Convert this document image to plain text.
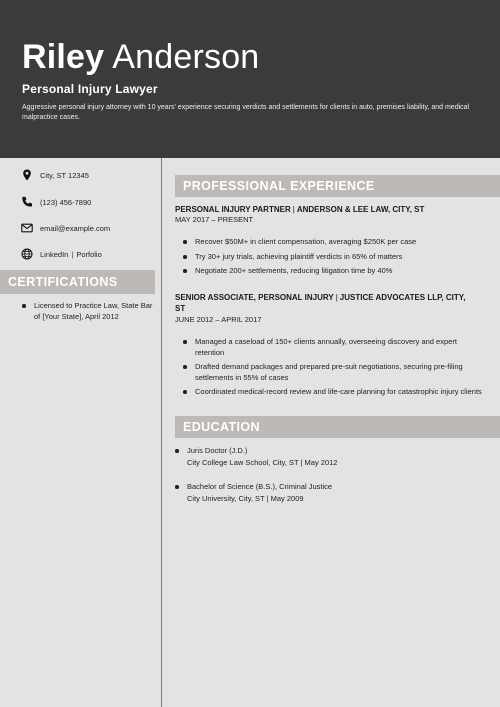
Riley Anderson
Personal Injury Lawyer
Aggressive personal injury attorney with 10 years' experience securing verdicts and settlements for clients in auto, premises liability, and medical malpractice cases.
City, ST 12345
(123) 456-7890
email@example.com
LinkedIn | Porfolio
CERTIFICATIONS
Licensed to Practice Law, State Bar of [Your State], April 2012
PROFESSIONAL EXPERIENCE
PERSONAL INJURY PARTNER | ANDERSON & LEE LAW, CITY, ST
MAY 2017 – PRESENT
Recover $50M+ in client compensation, averaging $250K per case
Try 30+ jury trials, achieving plaintiff verdicts in 65% of matters
Negotiate 200+ settlements, reducing litigation time by 40%
SENIOR ASSOCIATE, PERSONAL INJURY | JUSTICE ADVOCATES LLP, CITY, ST
JUNE 2012 – APRIL 2017
Managed a caseload of 150+ clients annually, overseeing discovery and expert retention
Drafted demand packages and prepared pre-suit negotiations, securing pre-filing settlements in 55% of cases
Coordinated medical-record review and life-care planning for catastrophic injury clients
EDUCATION
Juris Doctor (J.D.)
City College Law School, City, ST | May 2012
Bachelor of Science (B.S.), Criminal Justice
City University, City, ST | May 2009
